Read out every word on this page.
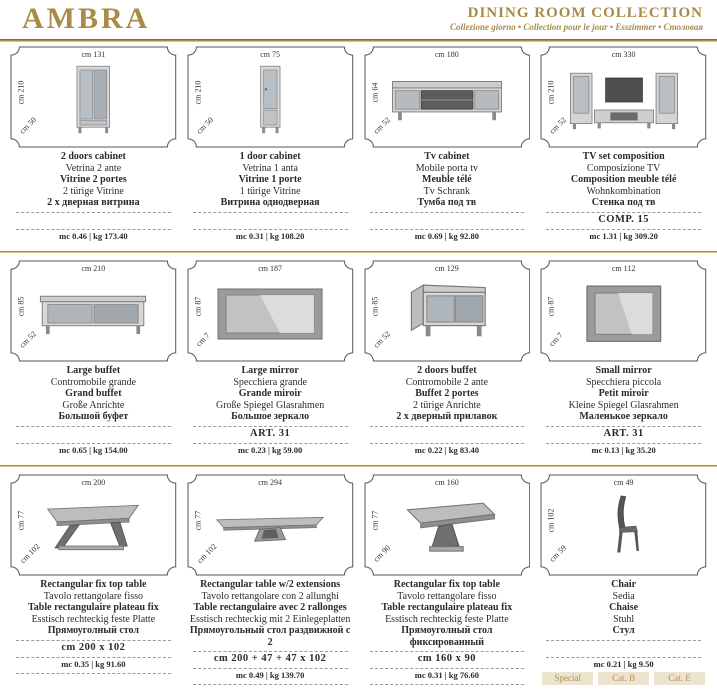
AMBRA	DINING ROOM COLLECTION
Collezione giorno • Collection pour le jour • Esszimmer • Столовая
cm 131
cm 210
cm 50
2 doors cabinet
Vetrina 2 ante
Vitrine 2 portes
2 türige Vitrine
2 х дверная витрина
mc 0.46 | kg 173.40
cm 75
cm 210
cm 50
1 door cabinet
Vetrina 1 anta
Vitrine 1 porte
1 türige Vitrine
Витрина однодверная
mc 0.31 | kg 108.20
cm 180
cm 64
cm 52
Tv cabinet
Mobile porta tv
Meuble télé
Tv Schrank
Тумба под тв
mc 0.69 | kg 92.80
cm 330
cm 210
cm 52
TV set composition
Composizione TV
Composition meuble télé
Wohnkombination
Стенка под тв
COMP. 15
mc 1.31 | kg 309.20
cm 210
cm 85
cm 52
Large buffet
Contromobile grande
Grand buffet
Große Anrichte
Большой буфет
mc 0.65 | kg 154.00
cm 187
cm 87
cm 7
Large mirror
Specchiera grande
Grande miroir
Große Spiegel Glasrahmen
Большое зеркало
ART. 31
mc 0.23 | kg 59.00
cm 129
cm 85
cm 52
2 doors buffet
Contromobile 2 ante
Buffet 2 portes
2 türige Anrichte
2 х дверный прилавок
mc 0.22 | kg 83.40
cm 112
cm 87
cm 7
Small mirror
Specchiera piccola
Petit miroir
Kleine Spiegel Glasrahmen
Маленькое зеркало
ART. 31
mc 0.13 | kg 35.20
cm 200
cm 77
cm 102
Rectangular fix top table
Tavolo rettangolare fisso
Table rectangulaire plateau fix
Esstisch rechteckig feste Platte
Прямоуголный стол
cm 200 x 102
mc 0.35 | kg 91.60
cm 294
cm 77
cm 102
Rectangular table w/2 extensions
Tavolo rettangolare con 2 allunghi
Table rectangulaire avec 2 rallonges
Esstisch rechteckig mit 2 Einlegeplatten
Прямоугольный стол раздвижной с 2
cm 200 + 47 + 47 x 102
mc 0.49 | kg 139.70
cm 160
cm 77
cm 90
Rectangular fix top table
Tavolo rettangolare fisso
Table rectangulaire plateau fix
Esstisch rechteckig feste Platte
Прямоуголный стол фиксированный
cm 160 x 90
mc 0.31 | kg 76.60
cm 49
cm 102
cm 59
Chair
Sedia
Chaise
Stuhl
Стул
mc 0.21 | kg 9.50
Special	Cat. B	Cat. E
